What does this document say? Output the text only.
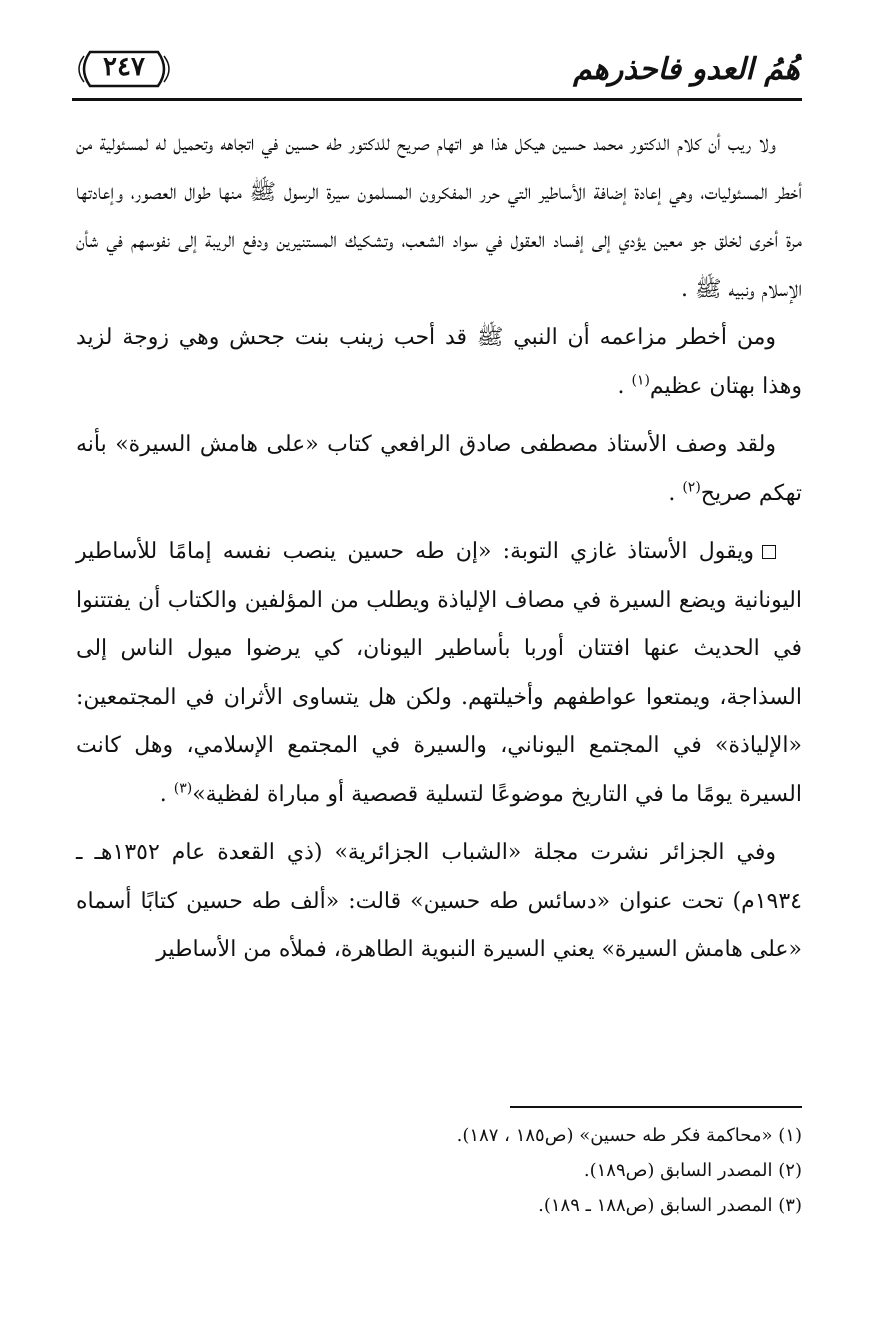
هُمُ العدو فاحذرهم
٢٤٧

ولا ريب أن كلام الدكتور محمد حسين هيكل هذا هو اتهام صريح للدكتور طه حسين في اتجاهه وتحميل له لمسئولية من أخطر المسئوليات، وهي إعادة إضافة الأساطير التي حرر المفكرون المسلمون سيرة الرسول ﷺ منها طوال العصور، وإعادتها مرة أخرى لخلق جو معين يؤدي إلى إفساد العقول في سواد الشعب، وتشكيك المستنيرين ودفع الريبة إلى نفوسهم في شأن الإسلام ونبيه ﷺ .

ومن أخطر مزاعمه أن النبي ﷺ قد أحب زينب بنت جحش وهي زوجة لزيد وهذا بهتان عظيم$^{(١)}$ .

ولقد وصف الأستاذ مصطفى صادق الرافعي كتاب «على هامش السيرة» بأنه تهكم صريح$^{(٢)}$ .

ويقول الأستاذ غازي التوبة: «إن طه حسين ينصب نفسه إمامًا للأساطير اليونانية ويضع السيرة في مصاف الإلياذة ويطلب من المؤلفين والكتاب أن يفتتنوا في الحديث عنها افتتان أوربا بأساطير اليونان، كي يرضوا ميول الناس إلى السذاجة، ويمتعوا عواطفهم وأخيلتهم. ولكن هل يتساوى الأثران في المجتمعين: «الإلياذة» في المجتمع اليوناني، والسيرة في المجتمع الإسلامي، وهل كانت السيرة يومًا ما في التاريخ موضوعًا لتسلية قصصية أو مباراة لفظية»$^{(٣)}$ .

وفي الجزائر نشرت مجلة «الشباب الجزائرية» (ذي القعدة عام ١٣٥٢هـ ـ ١٩٣٤م) تحت عنوان «دسائس طه حسين» قالت: «ألف طه حسين كتابًا أسماه «على هامش السيرة» يعني السيرة النبوية الطاهرة، فملأه من الأساطير

(١) «محاكمة فكر طه حسين» (ص١٨٥ ، ١٨٧).
(٢) المصدر السابق (ص١٨٩).
(٣) المصدر السابق (ص١٨٨ ـ ١٨٩).
